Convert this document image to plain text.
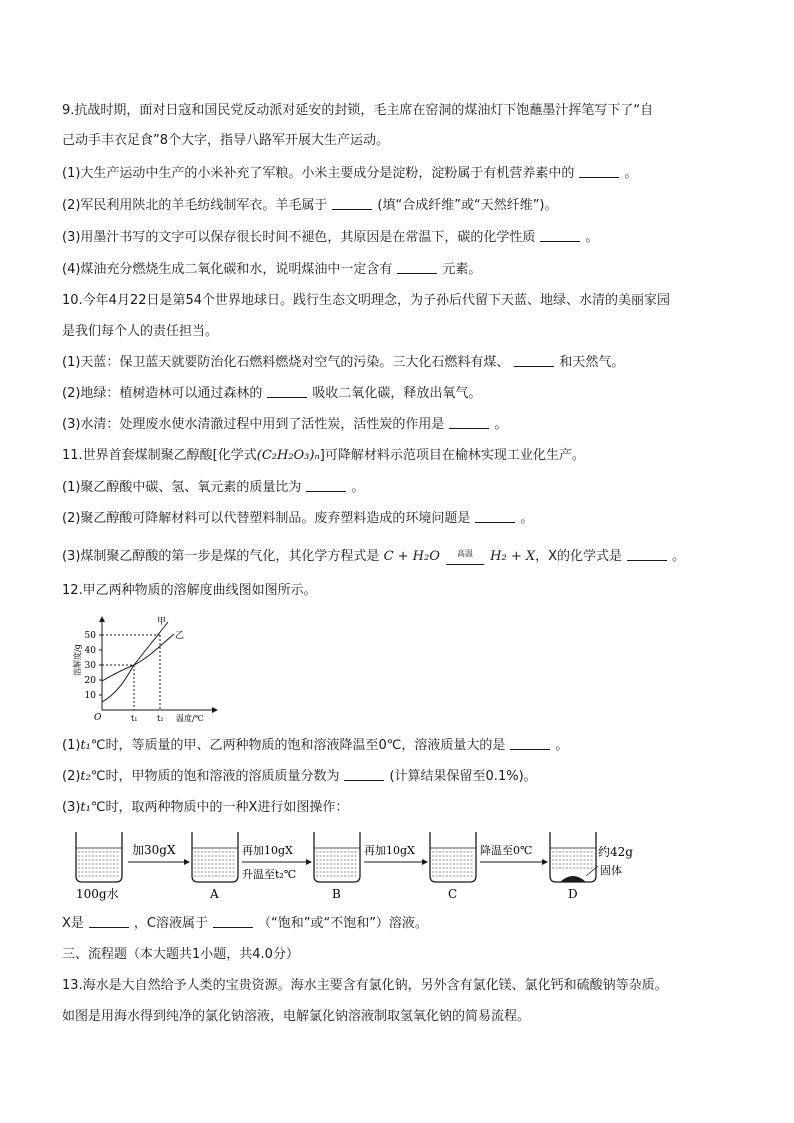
9.抗战时期，面对日寇和国民党反动派对延安的封锁，毛主席在窑洞的煤油灯下饱蘸墨汁挥笔写下了“自
己动手丰衣足食”8个大字，指导八路军开展大生产运动。
(1)大生产运动中生产的小米补充了军粮。小米主要成分是淀粉，淀粉属于有机营养素中的	。
(2)军民利用陕北的羊毛纺线制军衣。羊毛属于	(填“合成纤维”或“天然纤维”)。
(3)用墨汁书写的文字可以保存很长时间不褪色，其原因是在常温下，碳的化学性质	。
(4)煤油充分燃烧生成二氧化碳和水，说明煤油中一定含有	元素。
10.今年4月22日是第54个世界地球日。践行生态文明理念，为子孙后代留下天蓝、地绿、水清的美丽家园
是我们每个人的责任担当。
(1)天蓝：保卫蓝天就要防治化石燃料燃烧对空气的污染。三大化石燃料有煤、	和天然气。
(2)地绿：植树造林可以通过森林的	吸收二氧化碳，释放出氧气。
(3)水清：处理废水使水清澈过程中用到了活性炭，活性炭的作用是	。
11.世界首套煤制聚乙醇酸[化学式(C₂H₂O₃)ₙ]可降解材料示范项目在榆林实现工业化生产。
(1)聚乙醇酸中碳、氢、氧元素的质量比为	。
(2)聚乙醇酸可降解材料可以代替塑料制品。废弃塑料造成的环境问题是	。
(3)煤制聚乙醇酸的第一步是煤的气化，其化学方程式是 C + H₂O 高温 H₂ + X，X的化学式是	。
12.甲乙两种物质的溶解度曲线图如图所示。
10
20
30
40
50
溶解度/g
甲
乙
O	t₁ t₂ 温度/℃
(1)t₁℃时，等质量的甲、乙两种物质的饱和溶液降温至0℃，溶液质量大的是	。
(2)t₂℃时，甲物质的饱和溶液的溶质质量分数为	(计算结果保留至0.1%)。
(3)t₁℃时，取两种物质中的一种X进行如图操作：
100g水
加30gX
A
再加10gX
升温至t₂℃
B
再加10gX
C
降温至0℃	约42g
固体
D
X是	，C溶液属于	（“饱和”或“不饱和”）溶液。
三、流程题（本大题共1小题，共4.0分）
13.海水是大自然给予人类的宝贵资源。海水主要含有氯化钠，另外含有氯化镁、氯化钙和硫酸钠等杂质。
如图是用海水得到纯净的氯化钠溶液，电解氯化钠溶液制取氢氧化钠的简易流程。
